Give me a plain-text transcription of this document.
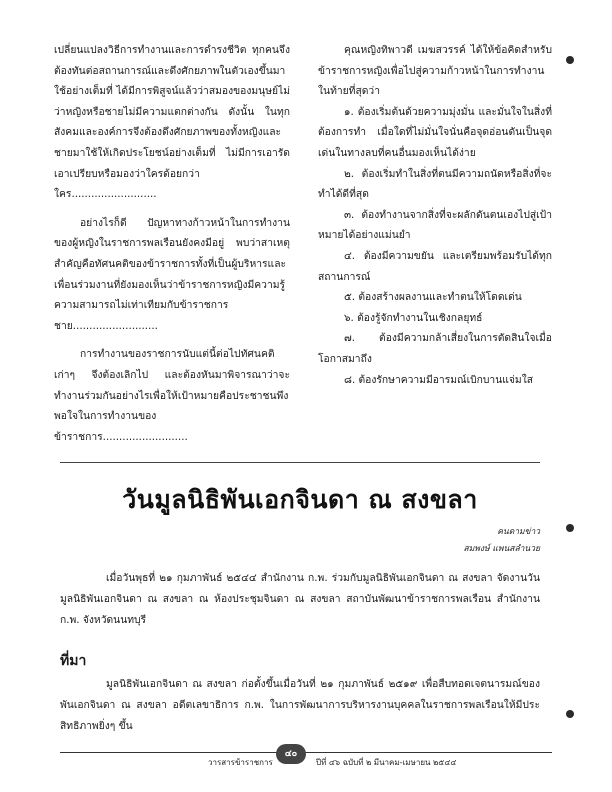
เปลี่ยนแปลงวิธีการทำงานและการดำรงชีวิต ทุกคนจึงต้องทันต่อสถานการณ์และดึงศักยภาพในตัวเองขึ้นมาใช้อย่างเต็มที่ ได้มีการพิสูจน์แล้วว่าสมองของมนุษย์ไม่ว่าหญิงหรือชายไม่มีความแตกต่างกัน ดังนั้น ในทุกสังคมและองค์การจึงต้องดึงศักยภาพของทั้งหญิงและชายมาใช้ให้เกิดประโยชน์อย่างเต็มที่ ไม่มีการเอารัดเอาเปรียบหรือมองว่าใครด้อยกว่าใคร..........................

อย่างไรก็ดี ปัญหาทางก้าวหน้าในการทำงานของผู้หญิงในราชการพลเรือนยังคงมีอยู่ พบว่าสาเหตุสำคัญคือทัศนคติของข้าราชการทั้งที่เป็นผู้บริหารและเพื่อนร่วมงานที่ยังมองเห็นว่าข้าราชการหญิงมีความรู้ความสามารถไม่เท่าเทียมกับข้าราชการชาย..........................

การทำงานของราชการนับแต่นี้ต่อไปทัศนคติเก่าๆ จึงต้องเลิกไป และต้องหันมาพิจารณาว่าจะทำงานร่วมกันอย่างไรเพื่อให้เป้าหมายคือประชาชนพึงพอใจในการทำงานของข้าราชการ..........................

คุณหญิงทิพาวดี เมฆสวรรค์ ได้ให้ข้อคิดสำหรับข้าราชการหญิงเพื่อไปสู่ความก้าวหน้าในการทำงานในท้ายที่สุดว่า

๑. ต้องเริ่มต้นด้วยความมุ่งมั่น และมั่นใจในสิ่งที่ต้องการทำ เมื่อใดที่ไม่มั่นใจนั่นคือจุดอ่อนดันเป็นจุดเด่นในทางลบที่คนอื่นมองเห็นได้ง่าย

๒. ต้องเริ่มทำในสิ่งที่ตนมีความถนัดหรือสิ่งที่จะทำได้ดีที่สุด

๓. ต้องทำงานจากสิ่งที่จะผลักดันตนเองไปสู่เป้าหมายได้อย่างแม่นยำ

๔. ต้องมีความขยัน และเตรียมพร้อมรับได้ทุกสถานการณ์

๕. ต้องสร้างผลงานและทำตนให้โดดเด่น

๖. ต้องรู้จักทำงานในเชิงกลยุทธ์

๗. ต้องมีความกล้าเสี่ยงในการตัดสินใจเมื่อโอกาสมาถึง

๘. ต้องรักษาความมีอารมณ์เบิกบานแจ่มใส

วันมูลนิธิพันเอกจินดา ณ สงขลา
คนดามข่าว
สมพงษ์ แพนสลำนวย

เมื่อวันพุธที่ ๒๑ กุมภาพันธ์ ๒๕๔๔ สำนักงาน ก.พ. ร่วมกับมูลนิธิพันเอกจินดา ณ สงขลา จัดงานวันมูลนิธิพันเอกจินดา ณ สงขลา ณ ห้องประชุมจินดา ณ สงขลา สถาบันพัฒนาข้าราชการพลเรือน สำนักงาน ก.พ. จังหวัดนนทบุรี

ที่มา

มูลนิธิพันเอกจินดา ณ สงขลา ก่อตั้งขึ้นเมื่อวันที่ ๒๑ กุมภาพันธ์ ๒๕๑๙ เพื่อสืบทอดเจตนารมณ์ของพันเอกจินดา ณ สงขลา อดีตเลขาธิการ ก.พ. ในการพัฒนาการบริหารงานบุคคลในราชการพลเรือนให้มีประสิทธิภาพยิ่งๆ ขึ้น

๔๐
วารสารข้าราชการ	ปีที่ ๔๖ ฉบับที่ ๒ มีนาคม-เมษายน ๒๕๔๔
